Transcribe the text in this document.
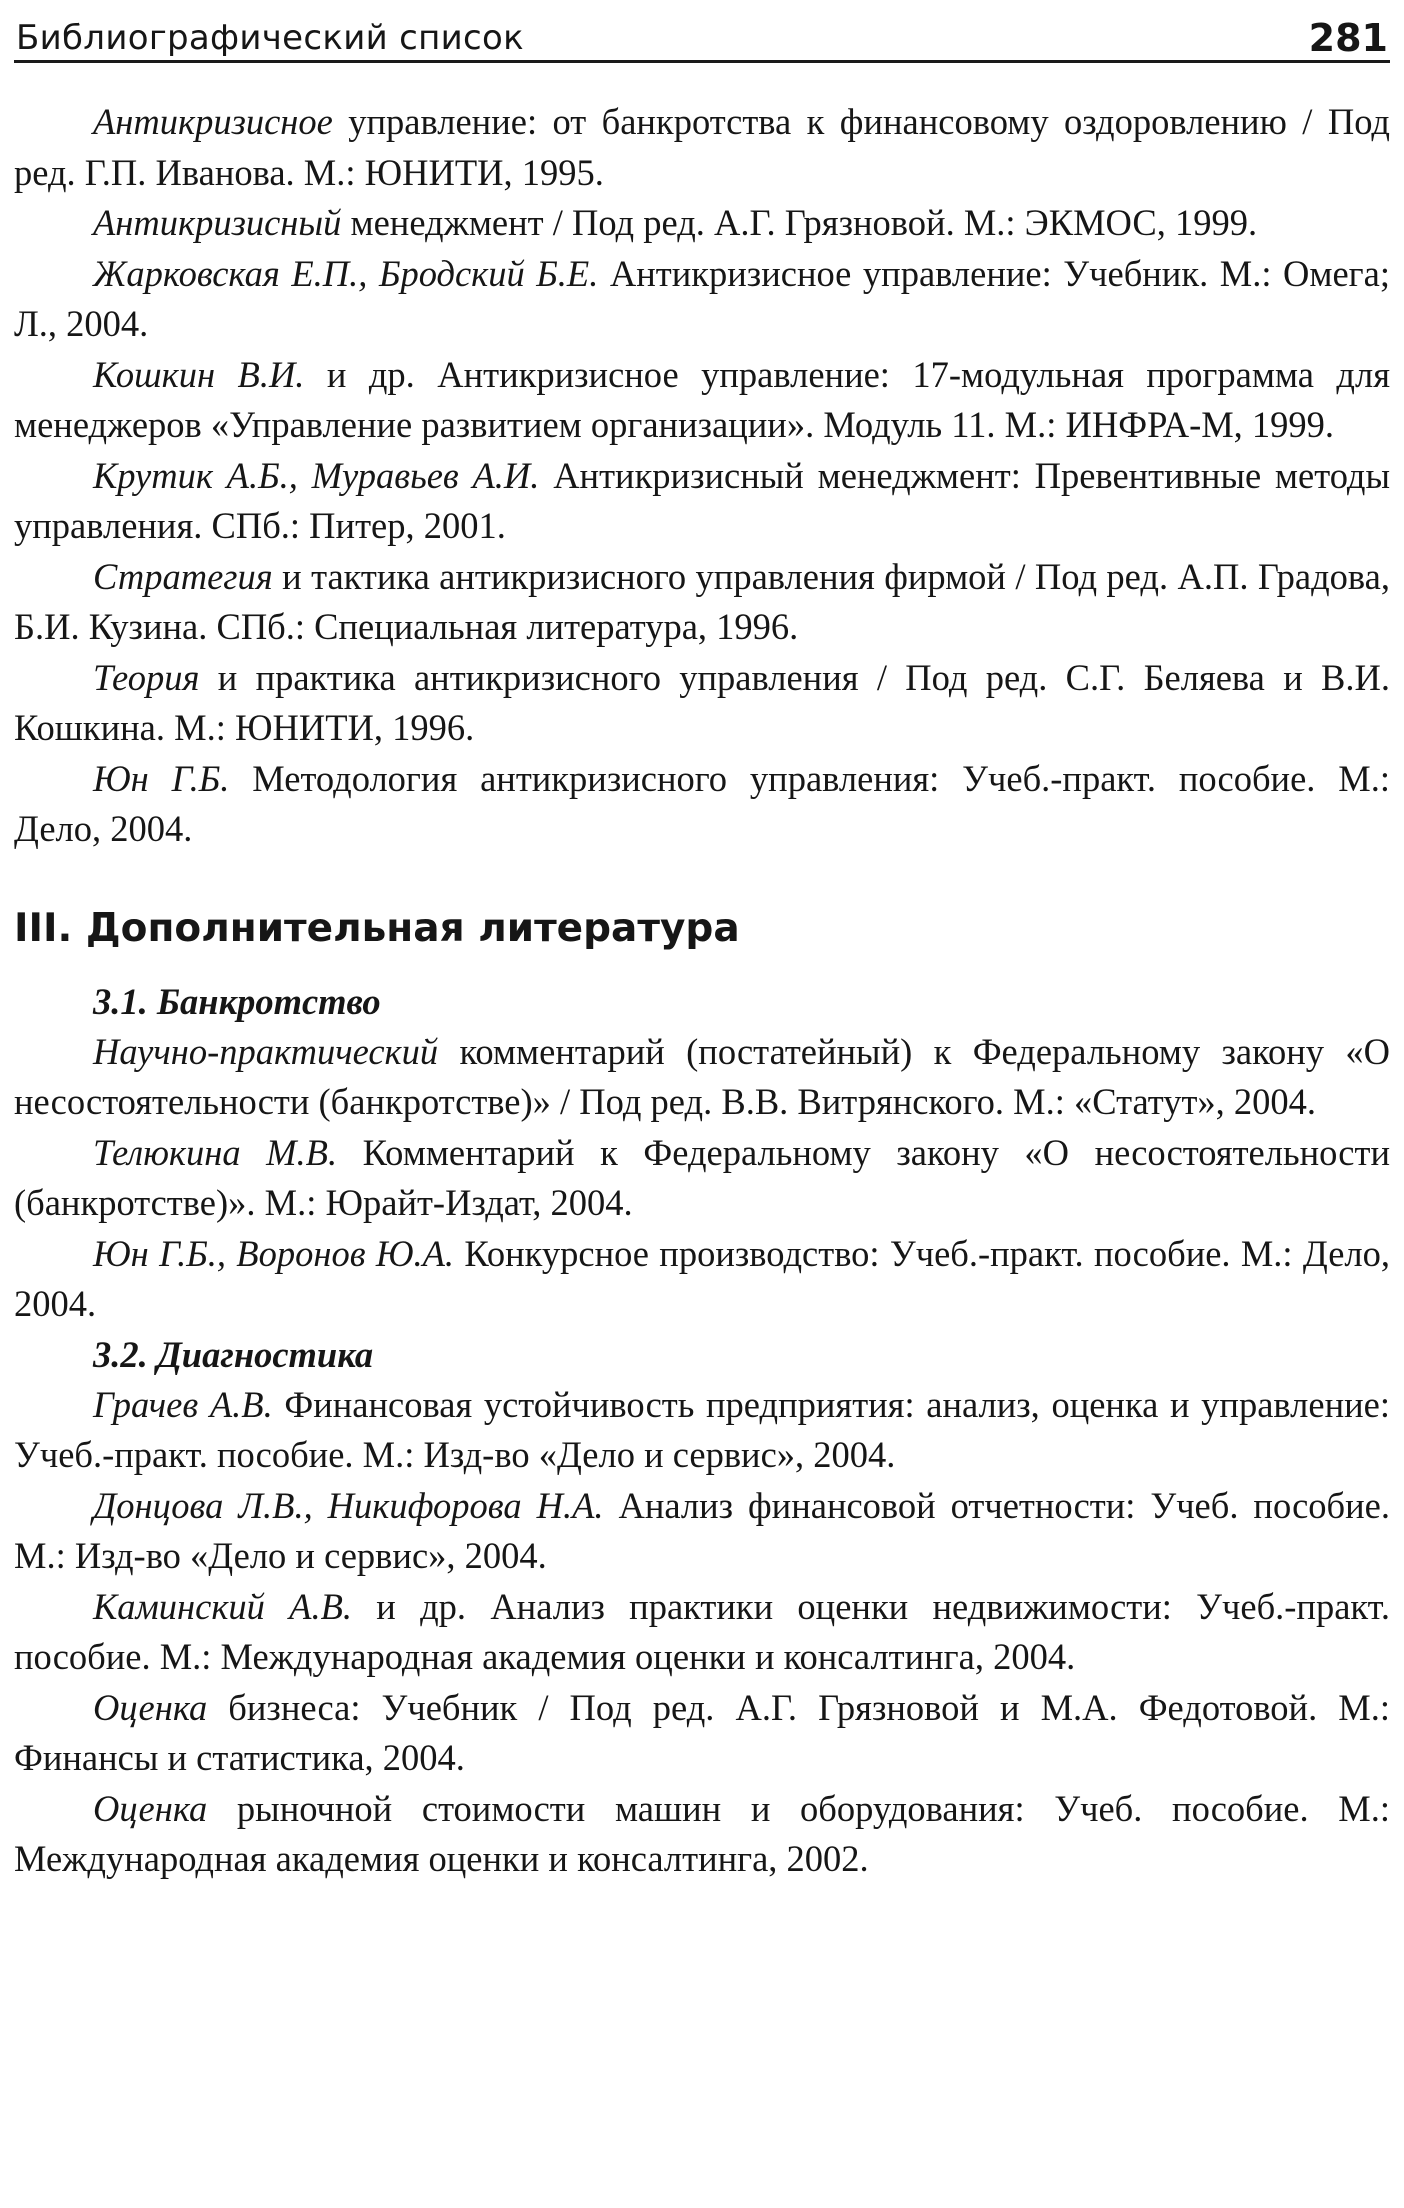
Библиографический список	281

Антикризисное управление: от банкротства к финансовому оздоровлению / Под ред. Г.П. Иванова. М.: ЮНИТИ, 1995.

Антикризисный менеджмент / Под ред. А.Г. Грязновой. М.: ЭКМОС, 1999.

Жарковская Е.П., Бродский Б.Е. Антикризисное управление: Учебник. М.: Омега; Л., 2004.

Кошкин В.И. и др. Антикризисное управление: 17-модульная программа для менеджеров «Управление развитием организации». Модуль 11. М.: ИНФРА-М, 1999.

Крутик А.Б., Муравьев А.И. Антикризисный менеджмент: Превентивные методы управления. СПб.: Питер, 2001.

Стратегия и тактика антикризисного управления фирмой / Под ред. А.П. Градова, Б.И. Кузина. СПб.: Специальная литература, 1996.

Теория и практика антикризисного управления / Под ред. С.Г. Беляева и В.И. Кошкина. М.: ЮНИТИ, 1996.

Юн Г.Б. Методология антикризисного управления: Учеб.-практ. пособие. М.: Дело, 2004.

III. Дополнительная литература
3.1. Банкротство

Научно-практический комментарий (постатейный) к Федеральному закону «О несостоятельности (банкротстве)» / Под ред. В.В. Витрянского. М.: «Статут», 2004.

Телюкина М.В. Комментарий к Федеральному закону «О несостоятельности (банкротстве)». М.: Юрайт-Издат, 2004.

Юн Г.Б., Воронов Ю.А. Конкурсное производство: Учеб.-практ. пособие. М.: Дело, 2004.

3.2. Диагностика

Грачев А.В. Финансовая устойчивость предприятия: анализ, оценка и управление: Учеб.-практ. пособие. М.: Изд-во «Дело и сервис», 2004.

Донцова Л.В., Никифорова Н.А. Анализ финансовой отчетности: Учеб. пособие. М.: Изд-во «Дело и сервис», 2004.

Каминский А.В. и др. Анализ практики оценки недвижимости: Учеб.-практ. пособие. М.: Международная академия оценки и консалтинга, 2004.

Оценка бизнеса: Учебник / Под ред. А.Г. Грязновой и М.А. Федотовой. М.: Финансы и статистика, 2004.

Оценка рыночной стоимости машин и оборудования: Учеб. пособие. М.: Международная академия оценки и консалтинга, 2002.
